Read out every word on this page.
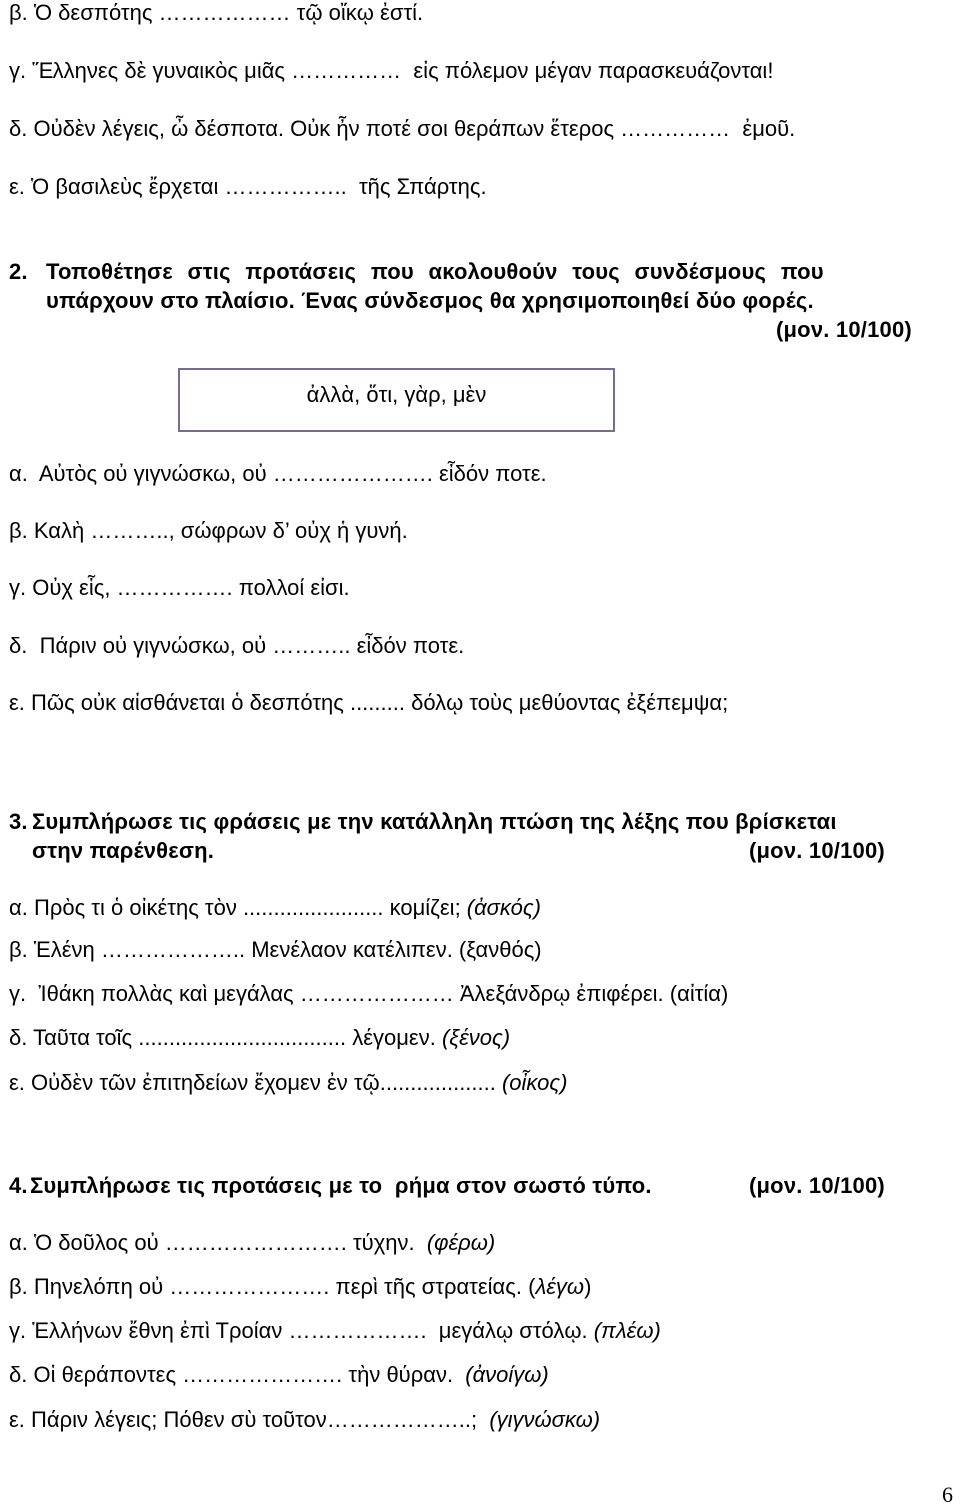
β. Ὁ δεσπότης ……………… τῷ οἴκῳ ἐστί.

γ. Ἕλληνες δὲ γυναικὸς μιᾶς ……………  εἰς πόλεμον μέγαν παρασκευάζονται!

δ. Οὐδὲν λέγεις, ὦ δέσποτα. Οὐκ ἦν ποτέ σοι θεράπων ἕτερος ……………  ἐμοῦ.

ε. Ὁ βασιλεὺς ἔρχεται ……………..  τῆς Σπάρτης.

2. Τοποθέτησε  στις  προτάσεις  που  ακολουθούν  τους  συνδέσμους  που

υπάρχουν στο πλαίσιο. Ένας σύνδεσμος θα χρησιμοποιηθεί δύο φορές.

(μον. 10/100)

ἀλλὰ, ὅτι, γὰρ, μὲν

α.  Αὐτὸς οὐ γιγνώσκω, οὐ …………………. εἶδόν ποτε.

β. Καλὴ ……….., σώφρων δ’ οὐχ ἡ γυνή.

γ. Οὐχ εἷς, ……………. πολλοί εἰσι.

δ.  Πάριν οὐ γιγνώσκω, οὐ ……….. εἶδόν ποτε.

ε. Πῶς οὐκ αἰσθάνεται ὁ δεσπότης ......... δόλῳ τοὺς μεθύοντας ἐξέπεμψα;

3. Συμπλήρωσε τις φράσεις με την κατάλληλη πτώση της λέξης που βρίσκεται

στην παρένθεση.	(μον. 10/100)

α. Πρὸς τι ὁ οἰκέτης τὸν ....................... κομίζει; (ἀσκός)

β. Ἑλένη ……………….. Μενέλαον κατέλιπεν. (ξανθός)

γ.  Ἰθάκη πολλὰς καὶ μεγάλας ………………… Ἀλεξάνδρῳ ἐπιφέρει. (αἰτία)

δ. Ταῦτα τοῖς .................................. λέγομεν. (ξένος)

ε. Οὐδὲν τῶν ἐπιτηδείων ἔχομεν ἐν τῷ................... (οἶκος)

4. Συμπλήρωσε τις προτάσεις με το  ρήμα στον σωστό τύπο.	(μον. 10/100)

α. Ὁ δοῦλος οὐ ……………………. τύχην.  (φέρω)

β. Πηνελόπη οὐ …………………. περὶ τῆς στρατείας. (λέγω)

γ. Ἑλλήνων ἔθνη ἐπὶ Τροίαν ……………….  μεγάλῳ στόλῳ. (πλέω)

δ. Οἱ θεράποντες …………………. τὴν θύραν.  (ἀνοίγω)

ε. Πάριν λέγεις; Πόθεν σὺ τοῦτον………………..;  (γιγνώσκω)

6
